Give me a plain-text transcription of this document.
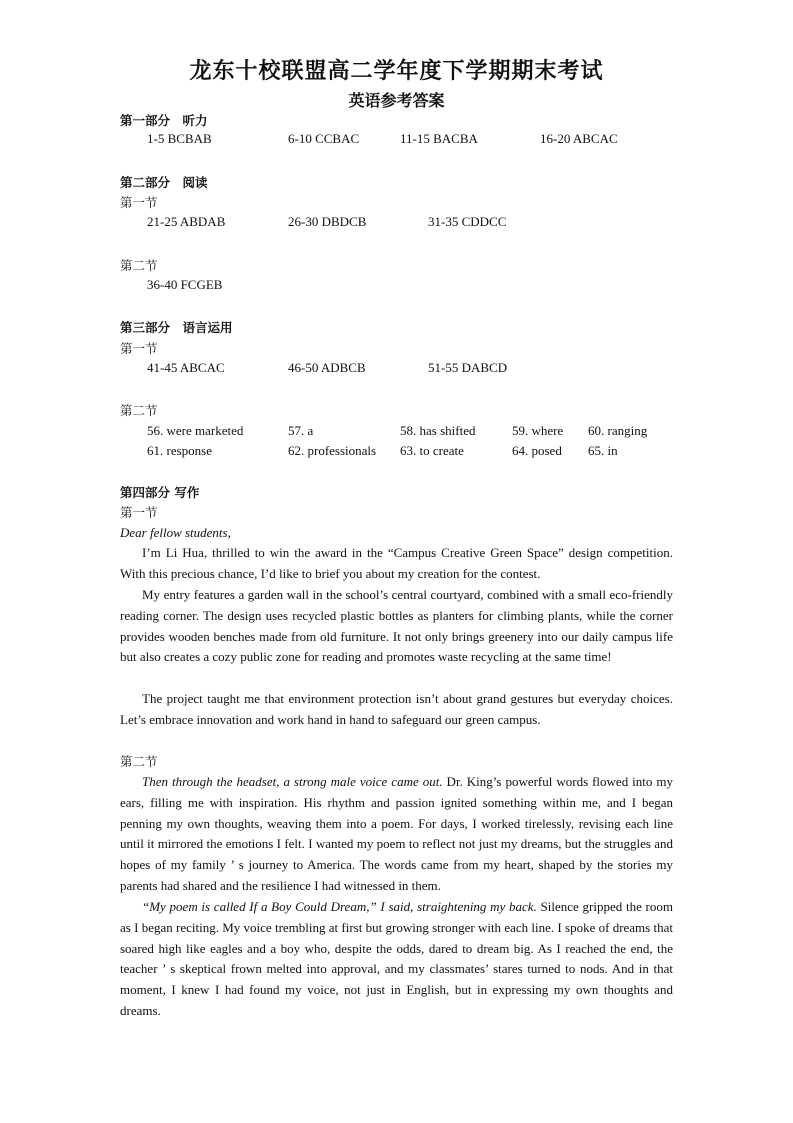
龙东十校联盟高二学年度下学期期末考试
英语参考答案
第一部分　听力
1-5 BCBAB	6-10 CCBAC	11-15 BACBA	16-20 ABCAC
第二部分　阅读
第一节
21-25 ABDAB	26-30 DBDCB	31-35 CDDCC
第二节
36-40 FCGEB
第三部分　语言运用
第一节
41-45 ABCAC	46-50 ADBCB	51-55 DABCD
第二节
56. were marketed	57. a	58. has shifted	59. where 60. ranging
61. response	62. professionals 63. to create	64. posed 65. in
第四部分 写作
第一节
Dear fellow students,

I’m Li Hua, thrilled to win the award in the “Campus Creative Green Space” design competition. With this precious chance, I’d like to brief you about my creation for the contest.

My entry features a garden wall in the school’s central courtyard, combined with a small eco-friendly reading corner. The design uses recycled plastic bottles as planters for climbing plants, while the corner provides wooden benches made from old furniture. It not only brings greenery into our daily campus life but also creates a cozy public zone for reading and promotes waste recycling at the same time!

The project taught me that environment protection isn’t about grand gestures but everyday choices. Let’s embrace innovation and work hand in hand to safeguard our green campus.

第二节

Then through the headset, a strong male voice came out. Dr. King’s powerful words flowed into my ears, filling me with inspiration. His rhythm and passion ignited something within me, and I began penning my own thoughts, weaving them into a poem. For days, I worked tirelessly, revising each line until it mirrored the emotions I felt. I wanted my poem to reflect not just my dreams, but the struggles and hopes of my family ’ s journey to America. The words came from my heart, shaped by the stories my parents had shared and the resilience I had witnessed in them.

“My poem is called If a Boy Could Dream,” I said, straightening my back. Silence gripped the room as I began reciting. My voice trembling at first but growing stronger with each line. I spoke of dreams that soared high like eagles and a boy who, despite the odds, dared to dream big. As I reached the end, the teacher ’ s skeptical frown melted into approval, and my classmates’ stares turned to nods. And in that moment, I knew I had found my voice, not just in English, but in expressing my own thoughts and dreams.
